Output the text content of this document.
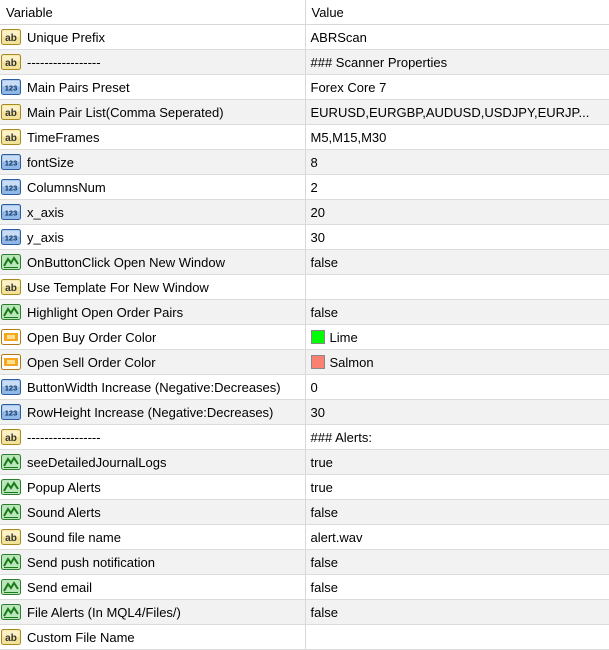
Variable	Value

ab Unique Prefix	ABRScan

ab -----------------	### Scanner Properties

123 Main Pairs Preset	Forex Core 7

ab Main Pair List(Comma Seperated)	EURUSD,EURGBP,AUDUSD,USDJPY,EURJP...

ab TimeFrames	M5,M15,M30

123 fontSize	8

123 ColumnsNum	2

123 x_axis	20

123 y_axis	30

OnButtonClick Open New Window	false

ab Use Template For New Window	

Highlight Open Order Pairs	false

Open Buy Order Color	Lime

Open Sell Order Color	Salmon

123 ButtonWidth Increase (Negative:Decreases)	0

123 RowHeight Increase (Negative:Decreases)	30

ab -----------------	### Alerts:

seeDetailedJournalLogs	true

Popup Alerts	true

Sound Alerts	false

ab Sound file name	alert.wav

Send push notification	false

Send email	false

File Alerts (In MQL4/Files/)	false

ab Custom File Name	
